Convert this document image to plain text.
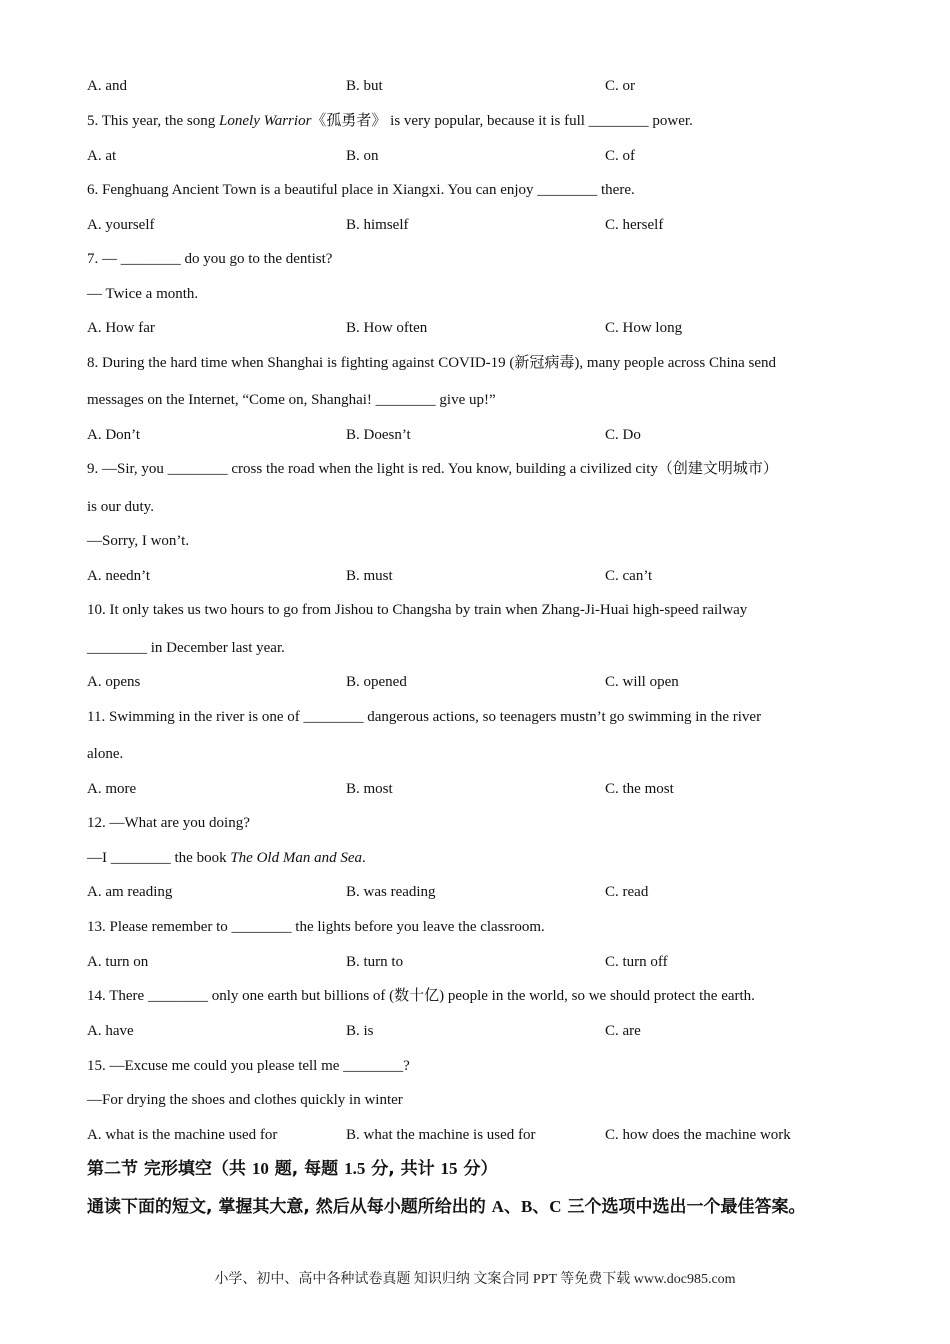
A. and	B. but	C. or
5. This year, the song Lonely Warrior《孤勇者》 is very popular, because it is full ________ power.
A. at	B. on	C. of
6. Fenghuang Ancient Town is a beautiful place in Xiangxi. You can enjoy ________ there.
A. yourself	B. himself	C. herself
7. — ________ do you go to the dentist?
— Twice a month.
A. How far	B. How often	C. How long
8. During the hard time when Shanghai is fighting against COVID-19 (新冠病毒), many people across China send
messages on the Internet, “Come on, Shanghai! ________ give up!”
A. Don’t	B. Doesn’t	C. Do
9. —Sir, you ________ cross the road when the light is red. You know, building a civilized city（创建文明城市）
is our duty.
—Sorry, I won’t.
A. needn’t	B. must	C. can’t
10. It only takes us two hours to go from Jishou to Changsha by train when Zhang-Ji-Huai high-speed railway
________ in December last year.
A. opens	B. opened	C. will open
11. Swimming in the river is one of ________ dangerous actions, so teenagers mustn’t go swimming in the river
alone.
A. more	B. most	C. the most
12. —What are you doing?
—I ________ the book The Old Man and Sea.
A. am reading	B. was reading	C. read
13. Please remember to ________ the lights before you leave the classroom.
A. turn on	B. turn to	C. turn off
14. There ________ only one earth but billions of (数十亿) people in the world, so we should protect the earth.
A. have	B. is	C. are
15. —Excuse me could you please tell me ________?
—For drying the shoes and clothes quickly in winter
A. what is the machine used for	B. what the machine is used for	C. how does the machine work
第二节 完形填空（共 10 题, 每题 1.5 分, 共计 15 分）
通读下面的短文, 掌握其大意, 然后从每小题所给出的 A、B、C 三个选项中选出一个最佳答案。
小学、初中、高中各种试卷真题 知识归纳 文案合同 PPT 等免费下载 www.doc985.com
